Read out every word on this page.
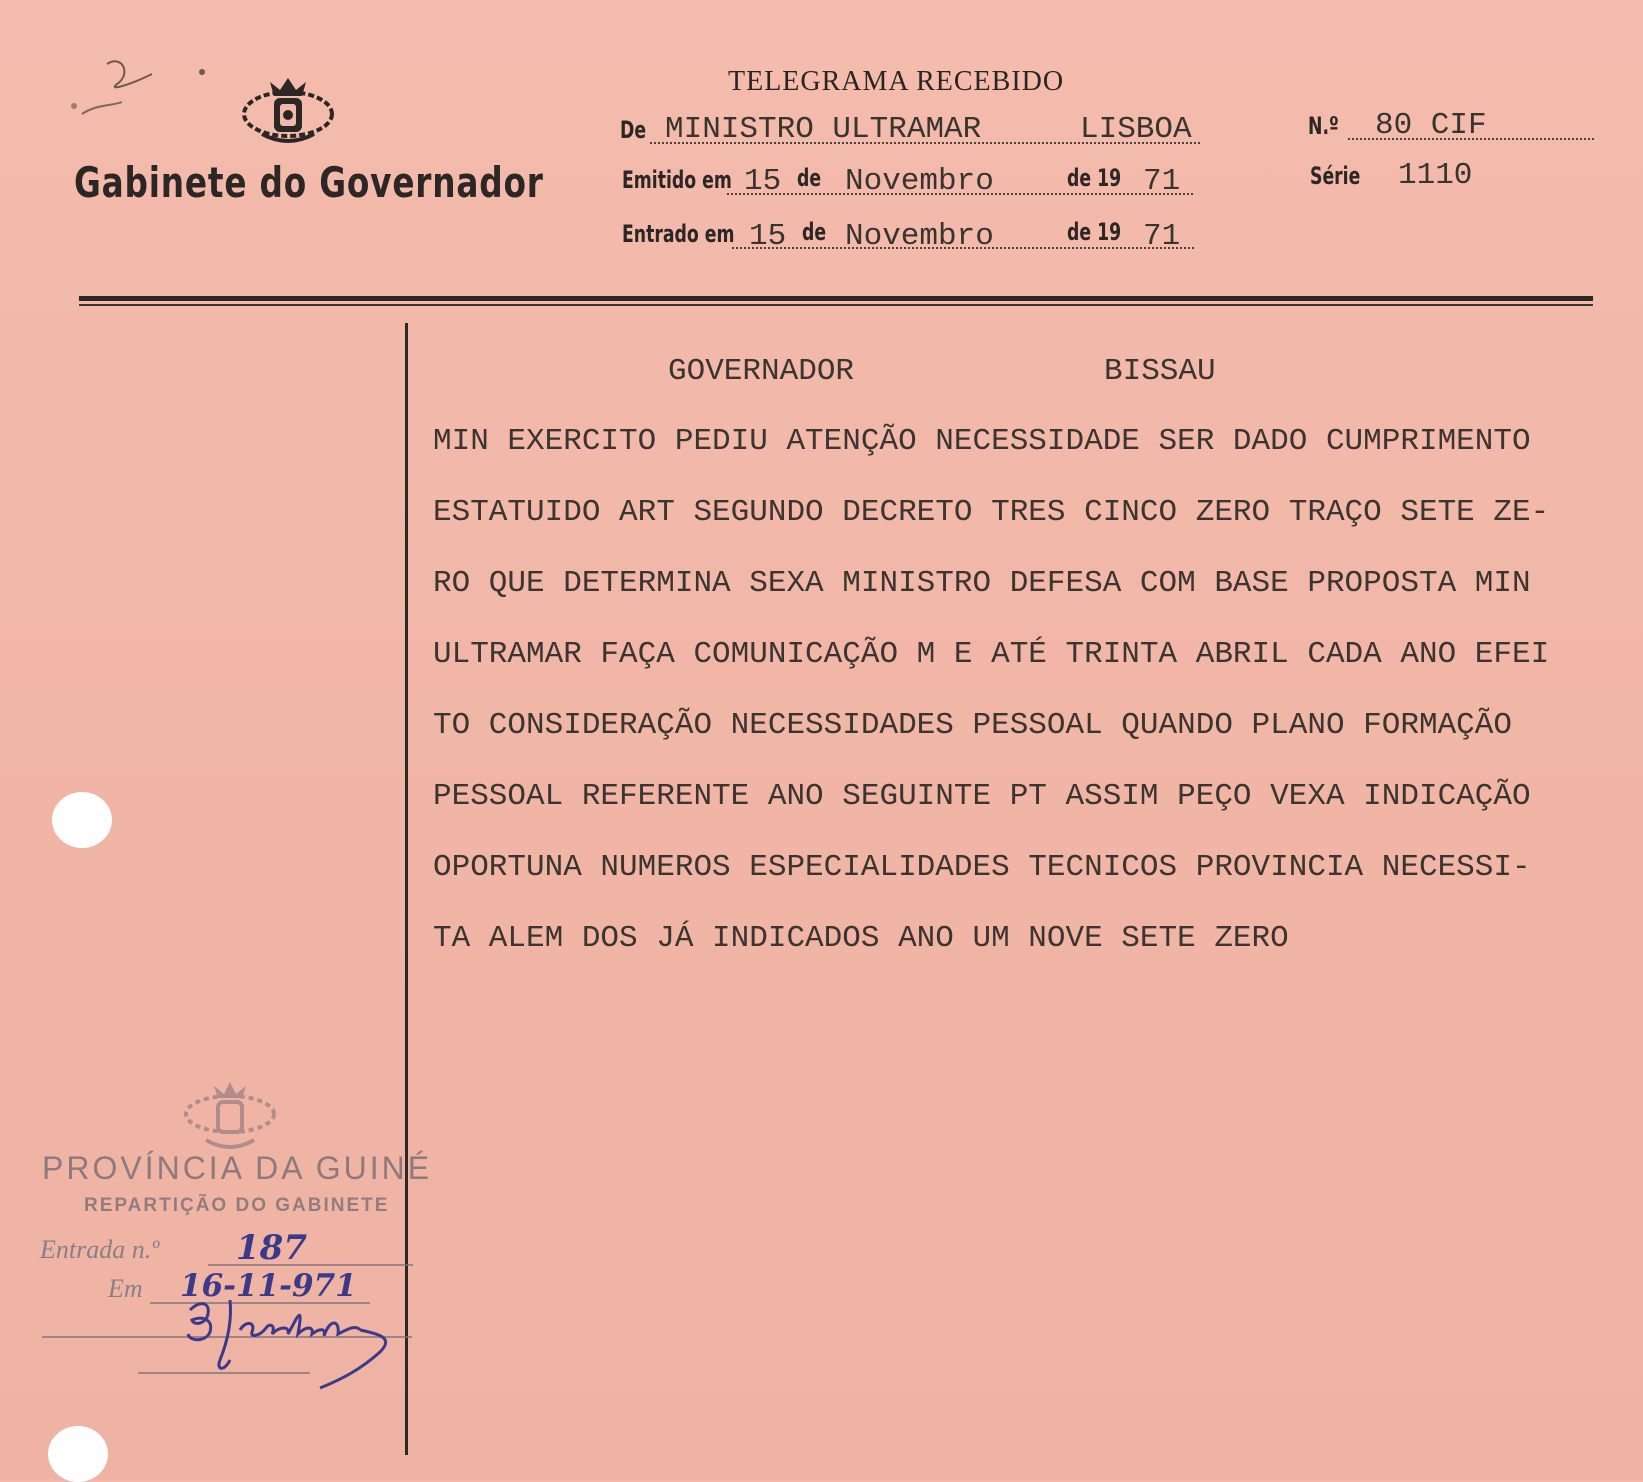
Gabinete do Governador
TELEGRAMA RECEBIDO
De MINISTRO ULTRAMAR	LISBOA	N.º 80 CIF
Série 1110
Emitido em 15 de Novembro	de 19 71
Entrado em 15 de Novembro	de 19 71
GOVERNADOR	BISSAU
MIN EXERCITO PEDIU ATENÇÃO NECESSIDADE SER DADO CUMPRIMENTO
ESTATUIDO ART SEGUNDO DECRETO TRES CINCO ZERO TRAÇO SETE ZE-
RO QUE DETERMINA SEXA MINISTRO DEFESA COM BASE PROPOSTA MIN
ULTRAMAR FAÇA COMUNICAÇÃO M E ATÉ TRINTA ABRIL CADA ANO EFEI
TO CONSIDERAÇÃO NECESSIDADES PESSOAL QUANDO PLANO FORMAÇÃO
PESSOAL REFERENTE ANO SEGUINTE PT ASSIM PEÇO VEXA INDICAÇÃO
OPORTUNA NUMEROS ESPECIALIDADES TECNICOS PROVINCIA NECESSI-
TA ALEM DOS JÁ INDICADOS ANO UM NOVE SETE ZERO
PROVÍNCIA DA GUINÉ
REPARTIÇÃO DO GABINETE
Entrada n.º 187
Em 16-11-971
